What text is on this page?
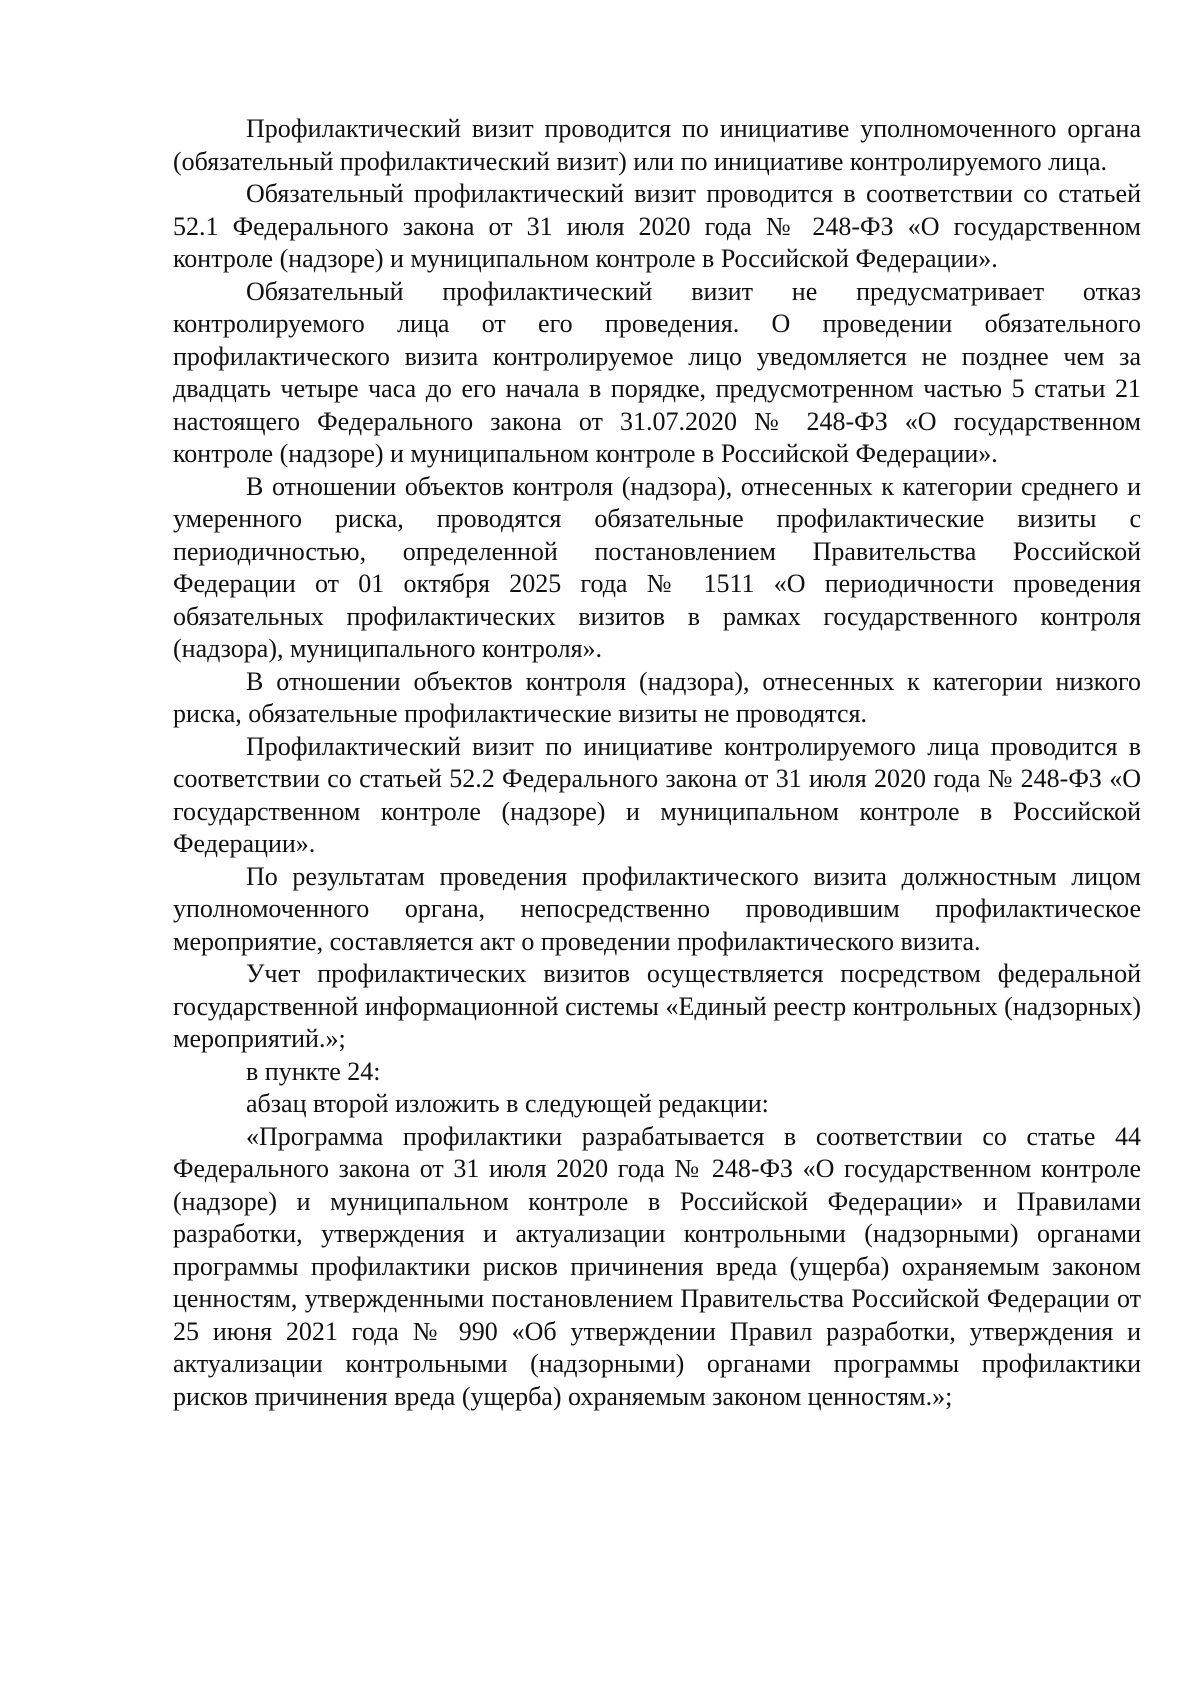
Профилактический визит проводится по инициативе уполномоченного органа (обязательный профилактический визит) или по инициативе контролируемого лица.

Обязательный профилактический визит проводится в соответствии со статьей 52.1 Федерального закона от 31 июля 2020 года № 248-ФЗ «О государственном контроле (надзоре) и муниципальном контроле в Российской Федерации».

Обязательный профилактический визит не предусматривает отказ контролируемого лица от его проведения. О проведении обязательного профилактического визита контролируемое лицо уведомляется не позднее чем за двадцать четыре часа до его начала в порядке, предусмотренном частью 5 статьи 21 настоящего Федерального закона от 31.07.2020 № 248-ФЗ «О государственном контроле (надзоре) и муниципальном контроле в Российской Федерации».

В отношении объектов контроля (надзора), отнесенных к категории среднего и умеренного риска, проводятся обязательные профилактические визиты с периодичностью, определенной постановлением Правительства Российской Федерации от 01 октября 2025 года № 1511 «О периодичности проведения обязательных профилактических визитов в рамках государственного контроля (надзора), муниципального контроля».

В отношении объектов контроля (надзора), отнесенных к категории низкого риска, обязательные профилактические визиты не проводятся.

Профилактический визит по инициативе контролируемого лица проводится в соответствии со статьей 52.2 Федерального закона от 31 июля 2020 года № 248-ФЗ «О государственном контроле (надзоре) и муниципальном контроле в Российской Федерации».

По результатам проведения профилактического визита должностным лицом уполномоченного органа, непосредственно проводившим профилактическое мероприятие, составляется акт о проведении профилактического визита.

Учет профилактических визитов осуществляется посредством федеральной государственной информационной системы «Единый реестр контрольных (надзорных) мероприятий.»;

в пункте 24:

абзац второй изложить в следующей редакции:

«Программа профилактики разрабатывается в соответствии со статье 44 Федерального закона от 31 июля 2020 года № 248-ФЗ «О государственном контроле (надзоре) и муниципальном контроле в Российской Федерации» и Правилами разработки, утверждения и актуализации контрольными (надзорными) органами программы профилактики рисков причинения вреда (ущерба) охраняемым законом ценностям, утвержденными постановлением Правительства Российской Федерации от 25 июня 2021 года № 990 «Об утверждении Правил разработки, утверждения и актуализации контрольными (надзорными) органами программы профилактики рисков причинения вреда (ущерба) охраняемым законом ценностям.»;
